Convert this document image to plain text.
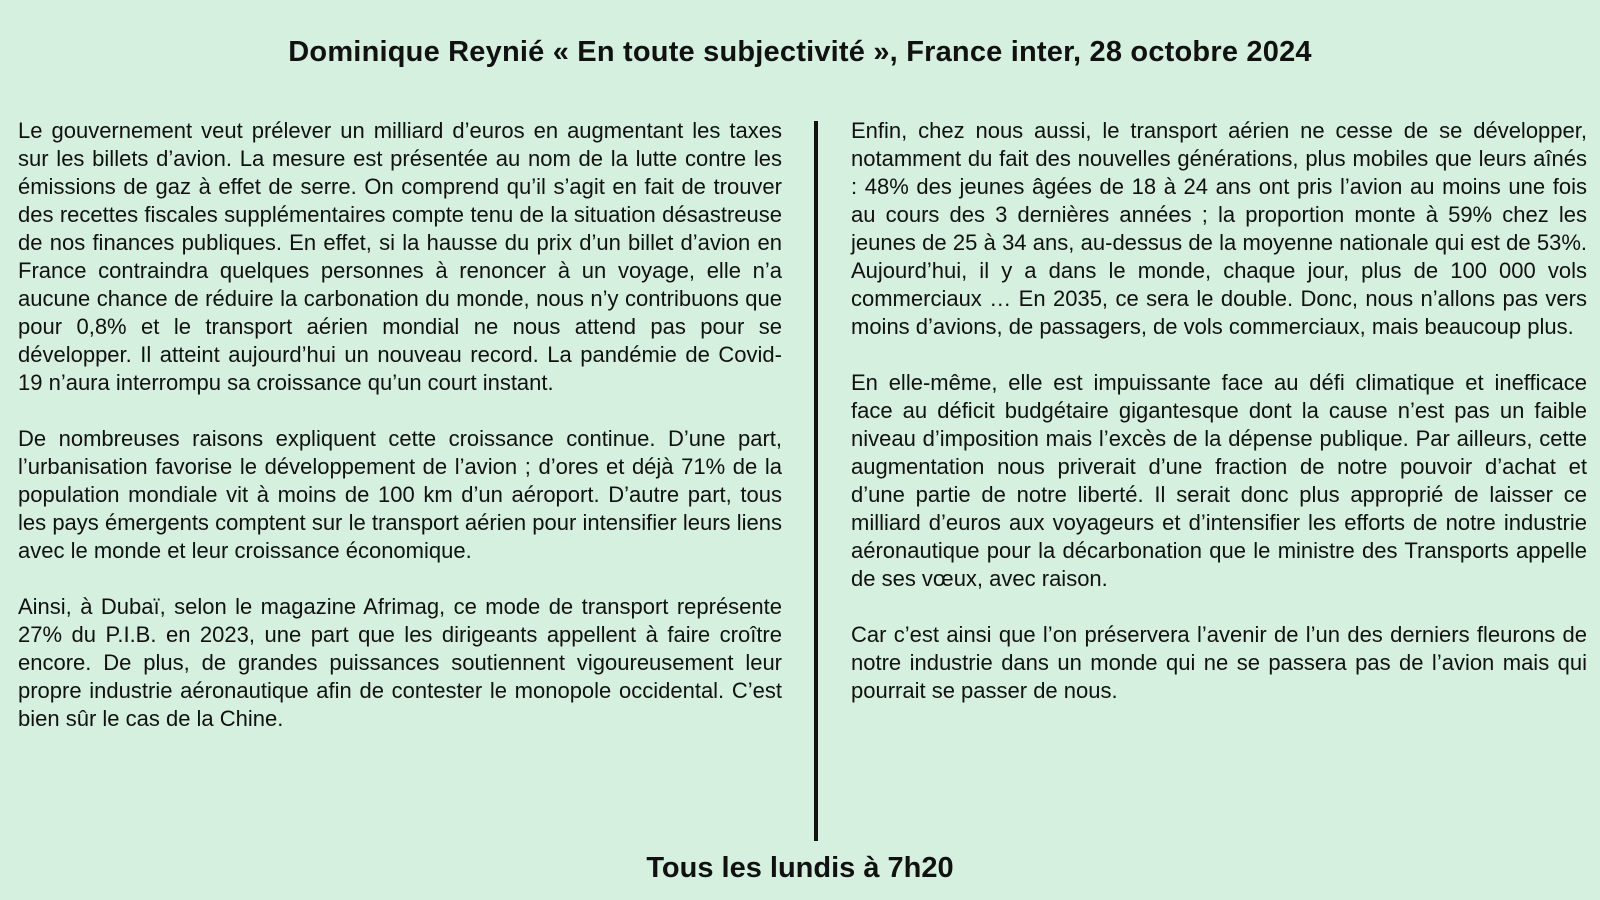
Dominique Reynié « En toute subjectivité », France inter, 28 octobre 2024

Le gouvernement veut prélever un milliard d’euros en augmentant les taxes sur les billets d’avion. La mesure est présentée au nom de la lutte contre les émissions de gaz à effet de serre. On comprend qu’il s’agit en fait de trouver des recettes fiscales supplémentaires compte tenu de la situation désastreuse de nos finances publiques. En effet, si la hausse du prix d’un billet d’avion en France contraindra quelques personnes à renoncer à un voyage, elle n’a aucune chance de réduire la carbonation du monde, nous n’y contribuons que pour 0,8% et le transport aérien mondial ne nous attend pas pour se développer. Il atteint aujourd’hui un nouveau record. La pandémie de Covid-19 n’aura interrompu sa croissance qu’un court instant.

De nombreuses raisons expliquent cette croissance continue. D’une part, l’urbanisation favorise le développement de l’avion ; d’ores et déjà 71% de la population mondiale vit à moins de 100 km d’un aéroport. D’autre part, tous les pays émergents comptent sur le transport aérien pour intensifier leurs liens avec le monde et leur croissance économique.

Ainsi, à Dubaï, selon le magazine Afrimag, ce mode de transport représente 27% du P.I.B. en 2023, une part que les dirigeants appellent à faire croître encore. De plus, de grandes puissances soutiennent vigoureusement leur propre industrie aéronautique afin de contester le monopole occidental. C’est bien sûr le cas de la Chine.

Enfin, chez nous aussi, le transport aérien ne cesse de se développer, notamment du fait des nouvelles générations, plus mobiles que leurs aînés : 48% des jeunes âgées de 18 à 24 ans ont pris l’avion au moins une fois au cours des 3 dernières années ; la proportion monte à 59% chez les jeunes de 25 à 34 ans, au-dessus de la moyenne nationale qui est de 53%. Aujourd’hui, il y a dans le monde, chaque jour, plus de 100 000 vols commerciaux … En 2035, ce sera le double. Donc, nous n’allons pas vers moins d’avions, de passagers, de vols commerciaux, mais beaucoup plus.

En elle-même, elle est impuissante face au défi climatique et inefficace face au déficit budgétaire gigantesque dont la cause n’est pas un faible niveau d’imposition mais l’excès de la dépense publique. Par ailleurs, cette augmentation nous priverait d’une fraction de notre pouvoir d’achat et d’une partie de notre liberté. Il serait donc plus approprié de laisser ce milliard d’euros aux voyageurs et d’intensifier les efforts de notre industrie aéronautique pour la décarbonation que le ministre des Transports appelle de ses vœux, avec raison.

Car c’est ainsi que l’on préservera l’avenir de l’un des derniers fleurons de notre industrie dans un monde qui ne se passera pas de l’avion mais qui pourrait se passer de nous.

Tous les lundis à 7h20
